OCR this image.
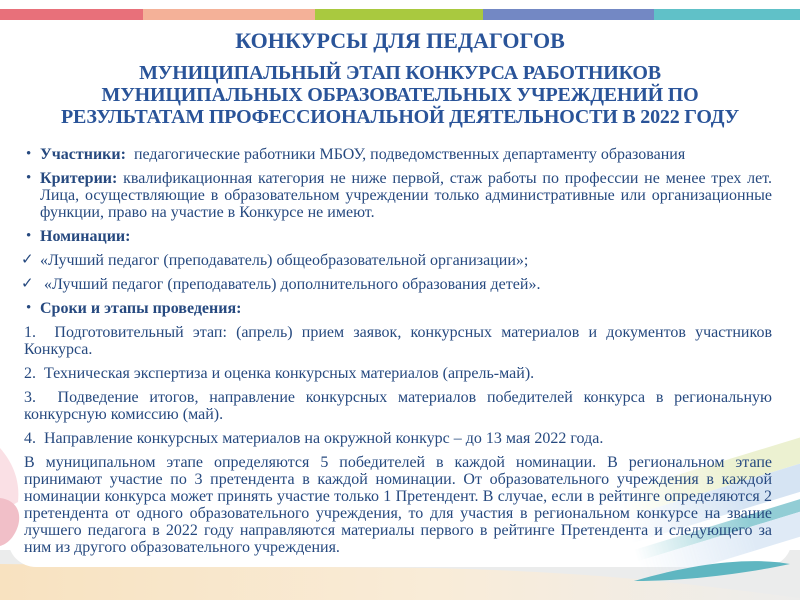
КОНКУРСЫ ДЛЯ ПЕДАГОГОВ
МУНИЦИПАЛЬНЫЙ ЭТАП КОНКУРСА РАБОТНИКОВ
МУНИЦИПАЛЬНЫХ ОБРАЗОВАТЕЛЬНЫХ УЧРЕЖДЕНИЙ ПО
РЕЗУЛЬТАТАМ ПРОФЕССИОНАЛЬНОЙ ДЕЯТЕЛЬНОСТИ В 2022 ГОДУ
• Участники:  педагогические работники МБОУ, подведомственных департаменту образования
• Критерии: квалификационная категория не ниже первой, стаж работы по профессии не менее трех лет. Лица, осуществляющие в образовательном учреждении только административные или организационные функции, право на участие в Конкурсе не имеют.
• Номинации:
✓ «Лучший педагог (преподаватель) общеобразовательной организации»;
✓ «Лучший педагог (преподаватель) дополнительного образования детей».
• Сроки и этапы проведения:
1.  Подготовительный этап: (апрель) прием заявок, конкурсных материалов и документов участников Конкурса.
2.  Техническая экспертиза и оценка конкурсных материалов (апрель-май).
3.  Подведение итогов, направление конкурсных материалов победителей конкурса в региональную конкурсную комиссию (май).
4.  Направление конкурсных материалов на окружной конкурс – до 13 мая 2022 года.
В муниципальном этапе определяются 5 победителей в каждой номинации. В региональном этапе принимают участие по 3 претендента в каждой номинации. От образовательного учреждения в каждой номинации конкурса может принять участие только 1 Претендент. В случае, если в рейтинге определяются 2 претендента от одного образовательного учреждения, то для участия в региональном конкурсе на звание лучшего педагога в 2022 году направляются материалы первого в рейтинге Претендента и следующего за ним из другого образовательного учреждения.
